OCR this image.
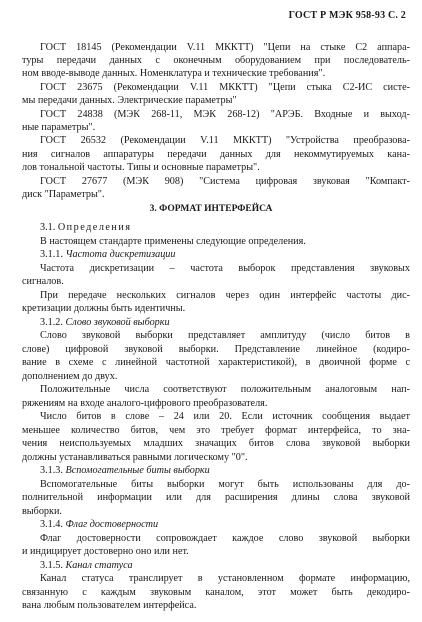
ГОСТ Р МЭК 958-93 С. 2
ГОСТ 18145 (Рекомендации V.11 МККТТ) "Цепи на стыке С2 аппара-
туры передачи данных с оконечным оборудованием при последователь-
ном вводе-выводе данных. Номенклатура и технические требования".
ГОСТ 23675 (Рекомендации V.11 МККТТ) "Цепи стыка С2-ИС систе-
мы передачи данных. Электрические параметры"
ГОСТ 24838 (МЭК 268-11, МЭК 268-12) "АРЭБ. Входные и выход-
ные параметры".
ГОСТ 26532 (Рекомендации V.11 МККТТ) "Устройства преобразова-
ния сигналов аппаратуры передачи данных для некоммутируемых кана-
лов тональной частоты. Типы и основные параметры".
ГОСТ 27677 (МЭК 908) "Система цифровая звуковая "Компакт-
диск "Параметры".
3. ФОРМАТ ИНТЕРФЕЙСА
3.1. Определения
В настоящем стандарте применены следующие определения.
3.1.1. Частота дискретизации
Частота дискретизации – частота выборок представления звуковых
сигналов.
При передаче нескольких сигналов через один интерфейс частоты дис-
кретизации должны быть идентичны.
3.1.2. Слово звуковой выборки
Слово звуковой выборки представляет амплитуду (число битов в
слове) цифровой звуковой выборки. Представление линейное (кодиро-
вание в схеме с линейной частотной характеристикой), в двоичной форме с
дополнением до двух.
Положительные числа соответствуют положительным аналоговым нап-
ряжениям на входе аналого-цифрового преобразователя.
Число битов в слове – 24 или 20. Если источник сообщения выдает
меньшее количество битов, чем это требует формат интерфейса, то зна-
чения неиспользуемых младших значащих битов слова звуковой выборки
должны устанавливаться равными логическому "0".
3.1.3. Вспомогательные биты выборки
Вспомогательные биты выборки могут быть использованы для до-
полнительной информации или для расширения длины слова звуковой
выборки.
3.1.4. Флаг достоверности
Флаг достоверности сопровождает каждое слово звуковой выборки
и индицирует достоверно оно или нет.
3.1.5. Канал статуса
Канал статуса транслирует в установленном формате информацию,
связанную с каждым звуковым каналом, этот может быть декодиро-
вана любым пользователем интерфейса.
